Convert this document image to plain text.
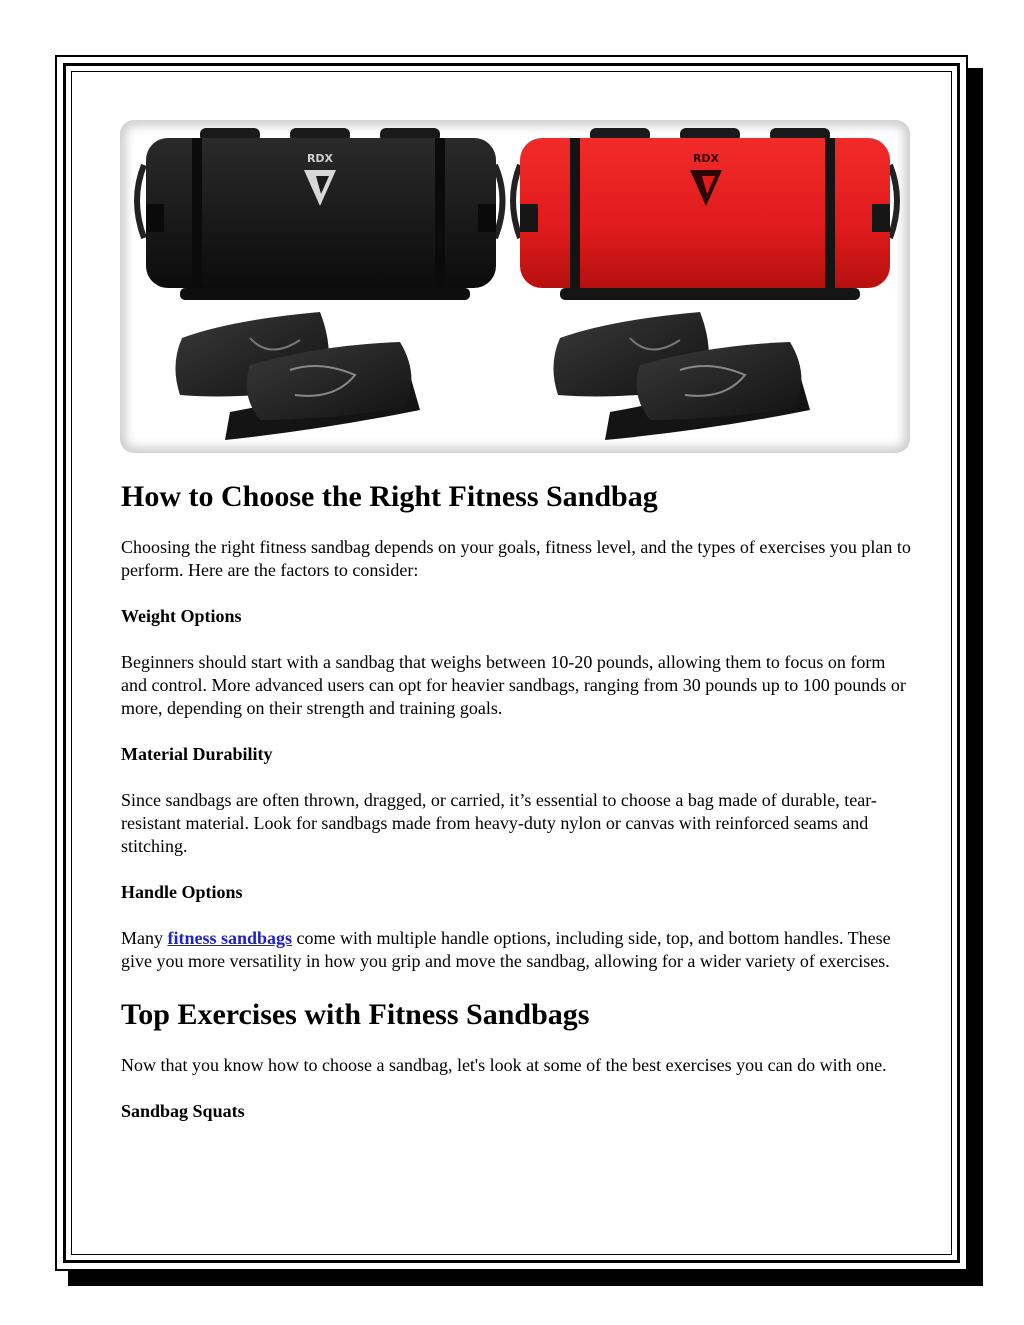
RDX	RDX
How to Choose the Right Fitness Sandbag

Choosing the right fitness sandbag depends on your goals, fitness level, and the types of exercises you plan to perform. Here are the factors to consider:

Weight Options

Beginners should start with a sandbag that weighs between 10-20 pounds, allowing them to focus on form and control. More advanced users can opt for heavier sandbags, ranging from 30 pounds up to 100 pounds or more, depending on their strength and training goals.

Material Durability

Since sandbags are often thrown, dragged, or carried, it’s essential to choose a bag made of durable, tear-resistant material. Look for sandbags made from heavy-duty nylon or canvas with reinforced seams and stitching.

Handle Options

Many fitness sandbags come with multiple handle options, including side, top, and bottom handles. These give you more versatility in how you grip and move the sandbag, allowing for a wider variety of exercises.

Top Exercises with Fitness Sandbags

Now that you know how to choose a sandbag, let's look at some of the best exercises you can do with one.

Sandbag Squats
